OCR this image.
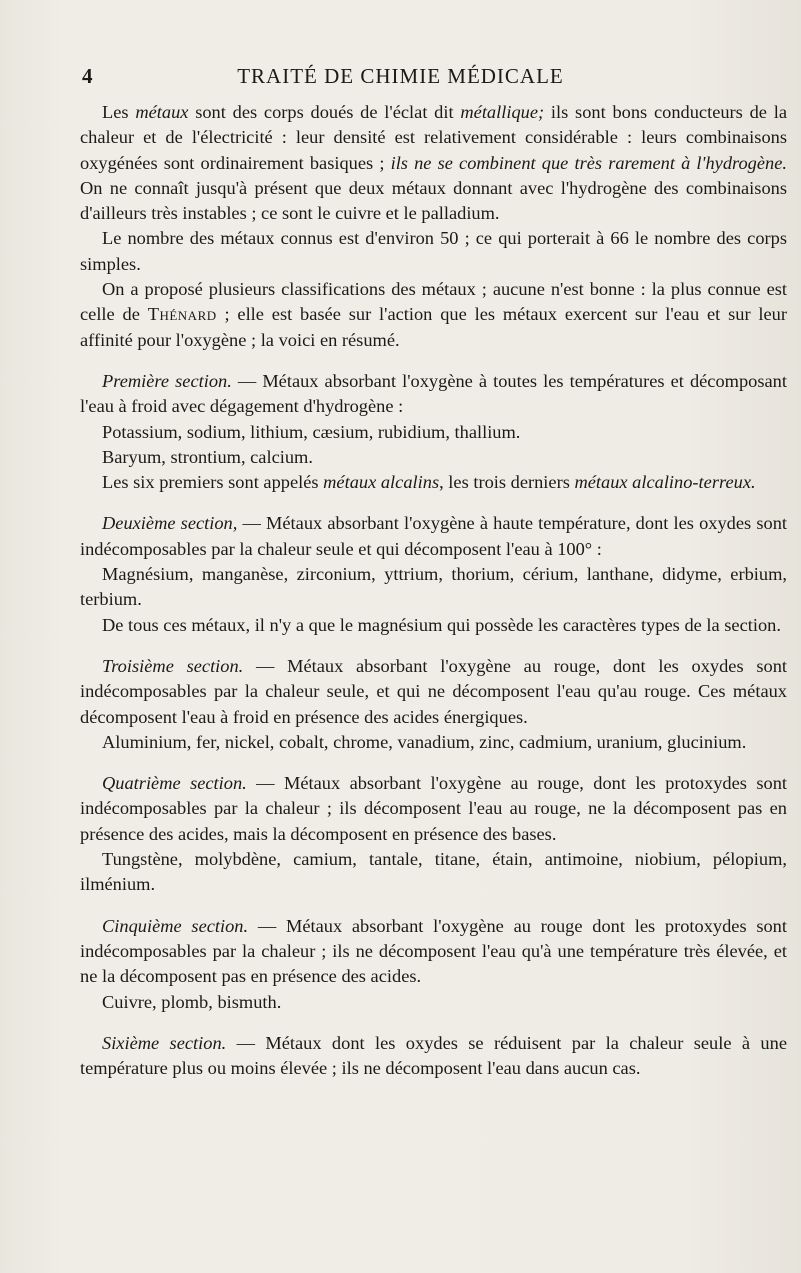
4	TRAITÉ DE CHIMIE MÉDICALE

Les métaux sont des corps doués de l'éclat dit métallique; ils sont bons conducteurs de la chaleur et de l'électricité : leur densité est relativement considérable : leurs combinaisons oxygénées sont ordinairement basiques ; ils ne se combinent que très rarement à l'hydrogène. On ne connaît jusqu'à présent que deux métaux donnant avec l'hydrogène des combinaisons d'ailleurs très instables ; ce sont le cuivre et le palladium.

Le nombre des métaux connus est d'environ 50 ; ce qui porterait à 66 le nombre des corps simples.

On a proposé plusieurs classifications des métaux ; aucune n'est bonne : la plus connue est celle de Thénard ; elle est basée sur l'action que les métaux exercent sur l'eau et sur leur affinité pour l'oxygène ; la voici en résumé.

Première section. — Métaux absorbant l'oxygène à toutes les températures et décomposant l'eau à froid avec dégagement d'hydrogène :

Potassium, sodium, lithium, cæsium, rubidium, thallium.

Baryum, strontium, calcium.

Les six premiers sont appelés métaux alcalins, les trois derniers métaux alcalino-terreux.

Deuxième section, — Métaux absorbant l'oxygène à haute température, dont les oxydes sont indécomposables par la chaleur seule et qui décomposent l'eau à 100° :

Magnésium, manganèse, zirconium, yttrium, thorium, cérium, lanthane, didyme, erbium, terbium.

De tous ces métaux, il n'y a que le magnésium qui possède les caractères types de la section.

Troisième section. — Métaux absorbant l'oxygène au rouge, dont les oxydes sont indécomposables par la chaleur seule, et qui ne décomposent l'eau qu'au rouge. Ces métaux décomposent l'eau à froid en présence des acides énergiques.

Aluminium, fer, nickel, cobalt, chrome, vanadium, zinc, cadmium, uranium, glucinium.

Quatrième section. — Métaux absorbant l'oxygène au rouge, dont les protoxydes sont indécomposables par la chaleur ; ils décomposent l'eau au rouge, ne la décomposent pas en présence des acides, mais la décomposent en présence des bases.

Tungstène, molybdène, camium, tantale, titane, étain, antimoine, niobium, pélopium, ilménium.

Cinquième section. — Métaux absorbant l'oxygène au rouge dont les protoxydes sont indécomposables par la chaleur ; ils ne décomposent l'eau qu'à une température très élevée, et ne la décomposent pas en présence des acides.

Cuivre, plomb, bismuth.

Sixième section. — Métaux dont les oxydes se réduisent par la chaleur seule à une température plus ou moins élevée ; ils ne décomposent l'eau dans aucun cas.
